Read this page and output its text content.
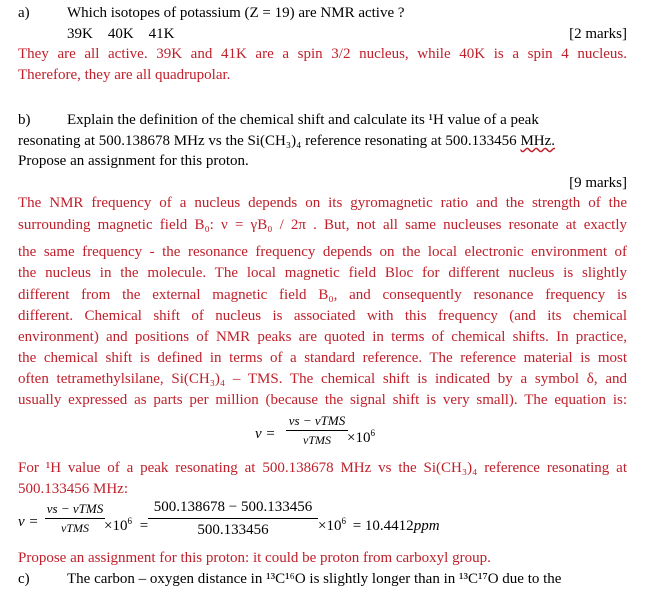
a) Which isotopes of potassium (Z = 19) are NMR active ?
39K    40K    41K	[2 marks]
They are all active. 39K and 41K are a spin 3/2 nucleus, while 40K is a spin 4 nucleus.
Therefore, they are all quadrupolar.
b) Explain the definition of the chemical shift and calculate its ¹H value of a peak
resonating at 500.138678 MHz vs the Si(CH₃)₄ reference resonating at 500.133456 MHz.
Propose an assignment for this proton.
[9 marks]
The NMR frequency of a nucleus depends on its gyromagnetic ratio and the strength of the
surrounding magnetic field B₀: ν = γB₀ / 2π . But, not all same nucleuses resonate at exactly
the same frequency - the resonance frequency depends on the local electronic environment of
the nucleus in the molecule. The local magnetic field Bloc for different nucleus is slightly
different from the external magnetic field B₀, and consequently resonance frequency is
different. Chemical shift of nucleus is associated with this frequency (and its chemical
environment) and positions of NMR peaks are quoted in terms of chemical shifts. In practice,
the chemical shift is defined in terms of a standard reference. The reference material is most
often tetramethylsilane, Si(CH₃)₄ – TMS. The chemical shift is indicated by a symbol δ, and
usually expressed as parts per million (because the signal shift is very small). The equation is:
ν =
νs − νTMS
νTMS	$\times 10^6$
For ¹H value of a peak resonating at 500.138678 MHz vs the Si(CH₃)₄ reference resonating at
500.133456 MHz:
ν =
νs − νTMS
νTMS	$\times 10^6$ =
500.138678 − 500.133456
500.133456	$\times 10^6 = 10.4412ppm$
Propose an assignment for this proton: it could be proton from carboxyl group.
c) The carbon – oxygen distance in ¹³C¹⁶O is slightly longer than in ¹³C¹⁷O due to the
